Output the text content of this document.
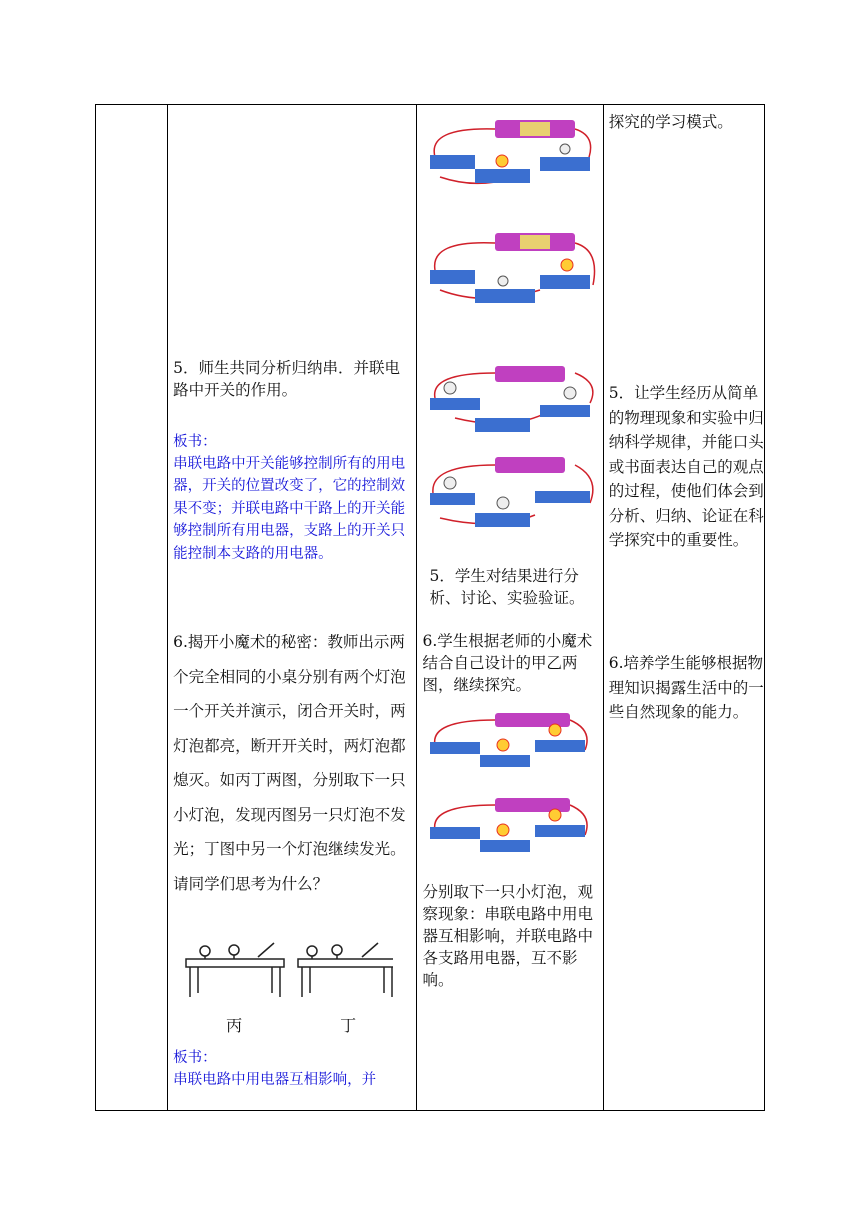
5．师生共同分析归纳串．并联电路中开关的作用。
板书：
串联电路中开关能够控制所有的用电器，开关的位置改变了，它的控制效果不变；并联电路中干路上的开关能够控制所有用电器，支路上的开关只能控制本支路的用电器。
6.揭开小魔术的秘密：教师出示两个完全相同的小桌分别有两个灯泡一个开关并演示，闭合开关时，两灯泡都亮，断开开关时，两灯泡都熄灭。如丙丁两图，分别取下一只小灯泡，发现丙图另一只灯泡不发光；丁图中另一个灯泡继续发光。请同学们思考为什么？
丙	丁
板书：
串联电路中用电器互相影响，并

5．学生对结果进行分析、讨论、实验验证。
6.学生根据老师的小魔术结合自己设计的甲乙两图，继续探究。
分别取下一只小灯泡，观察现象：串联电路中用电器互相影响，并联电路中各支路用电器，互不影响。

探究的学习模式。
5．让学生经历从简单的物理现象和实验中归纳科学规律，并能口头或书面表达自己的观点的过程，使他们体会到分析、归纳、论证在科学探究中的重要性。
6.培养学生能够根据物理知识揭露生活中的一些自然现象的能力。
